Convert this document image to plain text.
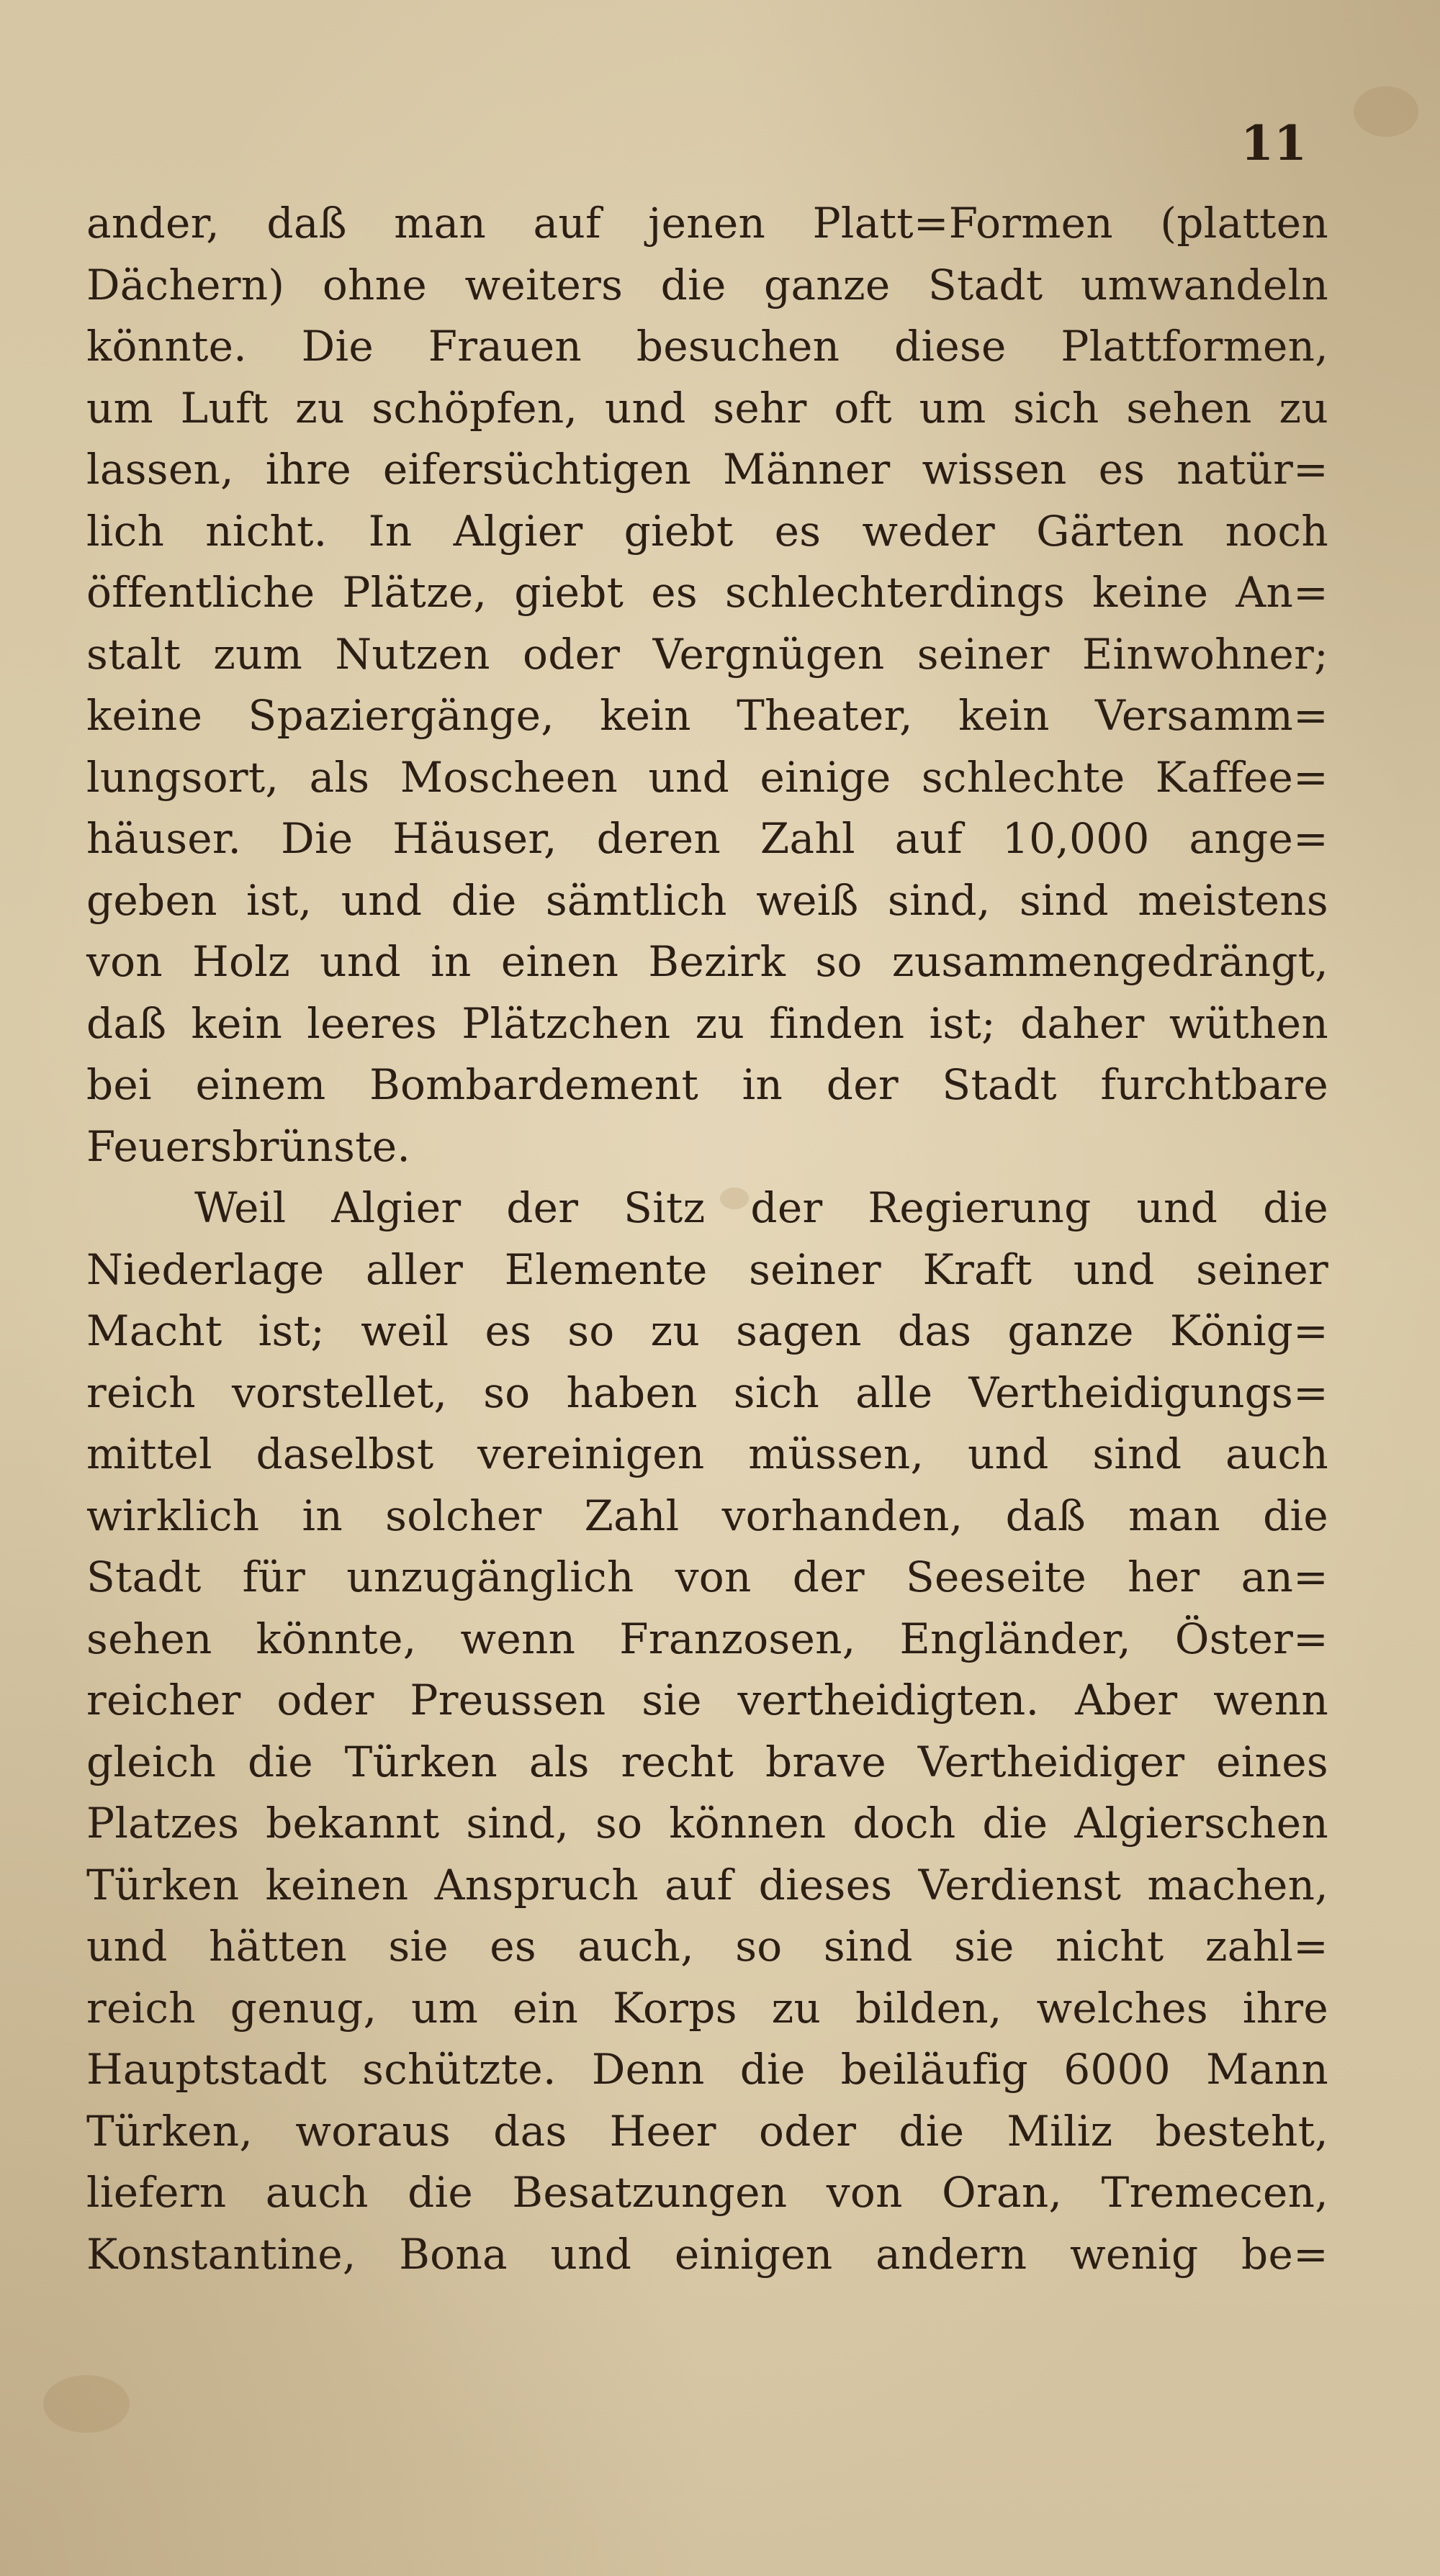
11
ander, daß man auf jenen Platt=Formen (platten
Dächern) ohne weiters die ganze Stadt umwandeln
könnte. Die Frauen besuchen diese Plattformen,
um Luft zu schöpfen, und sehr oft um sich sehen zu
lassen, ihre eifersüchtigen Männer wissen es natür=
lich nicht. In Algier giebt es weder Gärten noch
öffentliche Plätze, giebt es schlechterdings keine An=
stalt zum Nutzen oder Vergnügen seiner Einwohner;
keine Spaziergänge, kein Theater, kein Versamm=
lungsort, als Moscheen und einige schlechte Kaffee=
häuser. Die Häuser, deren Zahl auf 10,000 ange=
geben ist, und die sämtlich weiß sind, sind meistens
von Holz und in einen Bezirk so zusammengedrängt,
daß kein leeres Plätzchen zu finden ist; daher wüthen
bei einem Bombardement in der Stadt furchtbare
Feuersbrünste.
Weil Algier der Sitz der Regierung und die
Niederlage aller Elemente seiner Kraft und seiner
Macht ist; weil es so zu sagen das ganze König=
reich vorstellet, so haben sich alle Vertheidigungs=
mittel daselbst vereinigen müssen, und sind auch
wirklich in solcher Zahl vorhanden, daß man die
Stadt für unzugänglich von der Seeseite her an=
sehen könnte, wenn Franzosen, Engländer, Öster=
reicher oder Preussen sie vertheidigten. Aber wenn
gleich die Türken als recht brave Vertheidiger eines
Platzes bekannt sind, so können doch die Algierschen
Türken keinen Anspruch auf dieses Verdienst machen,
und hätten sie es auch, so sind sie nicht zahl=
reich genug, um ein Korps zu bilden, welches ihre
Hauptstadt schützte. Denn die beiläufig 6000 Mann
Türken, woraus das Heer oder die Miliz besteht,
liefern auch die Besatzungen von Oran, Tremecen,
Konstantine, Bona und einigen andern wenig be=
